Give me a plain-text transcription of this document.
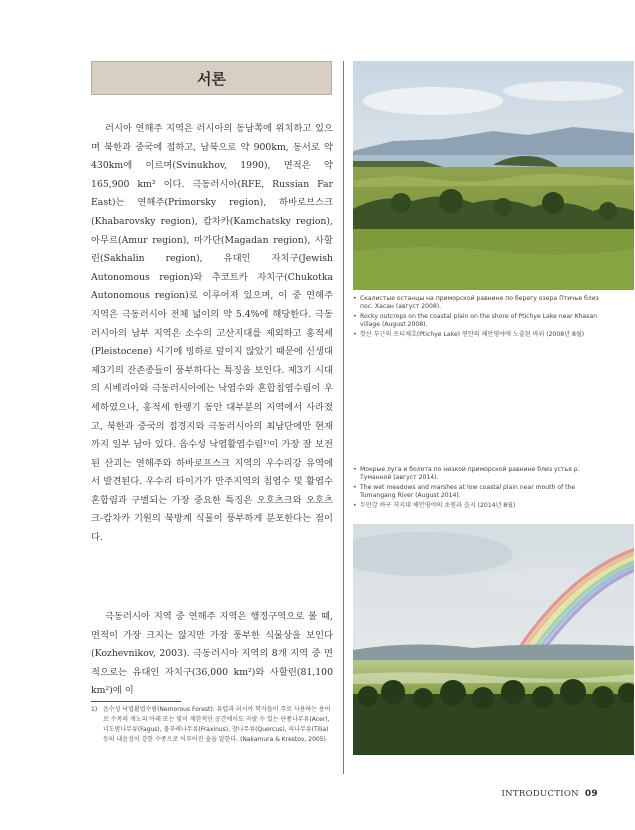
서론

러시아 연해주 지역은 러시아의 동남쪽에 위치하고 있으며 북한과 중국에 접하고, 남북으로 약 900km, 동서로 약 430km에 이르며(Svinukhov, 1990), 면적은 약 165,900 km² 이다. 극동러시아(RFE, Russian Far East)는 연해주(Primorsky region), 하바로브스크(Khabarovsky region), 캄차카(Kamchatsky region), 아무르(Amur region), 마가단(Magadan region), 사할린(Sakhalin region), 유대인 자치구(Jewish Autonomous region)와 추코트카 자치구(Chukotka Autonomous region)로 이루어져 있으며, 이 중 연해주 지역은 극동러시아 전체 넓이의 약 5.4%에 해당한다. 극동러시아의 남부 지역은 소수의 고산지대를 제외하고 홍적세(Pleistocene) 시기에 빙하로 덮이지 않았기 때문에 신생대 제3기의 잔존종들이 풍부하다는 특징을 보인다. 제3기 시대의 시베리아와 극동러시아에는 낙엽수와 혼합침엽수림이 우세하였으나, 홍적세 한랭기 동안 대부분의 지역에서 사라졌고, 북한과 중국의 접경지와 극동러시아의 최남단에만 현재까지 일부 남아 있다. 음수성 낙엽활엽수림¹⁾이 가장 잘 보전된 산괴는 연해주와 하바로프스크 지역의 우수리강 유역에서 발견된다. 우수리 타이가가 만주지역의 침엽수 및 활엽수 혼합림과 구별되는 가장 중요한 특징은 오호츠크와 오호츠크-캄차카 기원의 북방계 식물이 풍부하게 분포한다는 점이다.

극동러시아 지역 중 연해주 지역은 행정구역으로 볼 때, 면적이 가장 크지는 않지만 가장 풍부한 식물상을 보인다(Kozhevnikov, 2003). 극동러시아 지역의 8개 지역 중 면적으로는 유대인 자치구(36,000 km²)와 사할린(81,100 km²)에 이

1) 음수성 낙엽활엽수림(Nemorous Forest): 유럽과 러시아 학자들이 주로 사용하는 용어로 수목의 캐노피 아래 또는 빛이 제한적인 공간에서도 자랄 수 있는 단풍나무류(Acer), 너도밤나무류(Fagus), 물푸레나무류(Fraxinus), 참나무류(Quercus), 피나무류(Tilia) 등의 내음성이 강한 수종으로 이루어진 숲을 말한다. (Nakamura & Krestov, 2005)
• Скалистые останцы на приморской равнине по берегу озера Птичье близ пос. Хасан (август 2008).
• Rocky outcrops on the coastal plain on the shore of Ptichye Lake near Khasan village (August 2008).
• 핫산 부근의 프티체호(Ptichye Lake) 연안의 해안평야에 노출된 바위 (2008년 8월)
• Мокрые луга и болота по низкой приморской равнине близ устья р. Туманной (август 2014).
• The wet meadows and marshes at low coastal plain near mouth of the Tumangang River (August 2014).
• 두만강 하구 저지대 해안평야의 초원과 습지 (2014년 8월)
INTRODUCTION 09
